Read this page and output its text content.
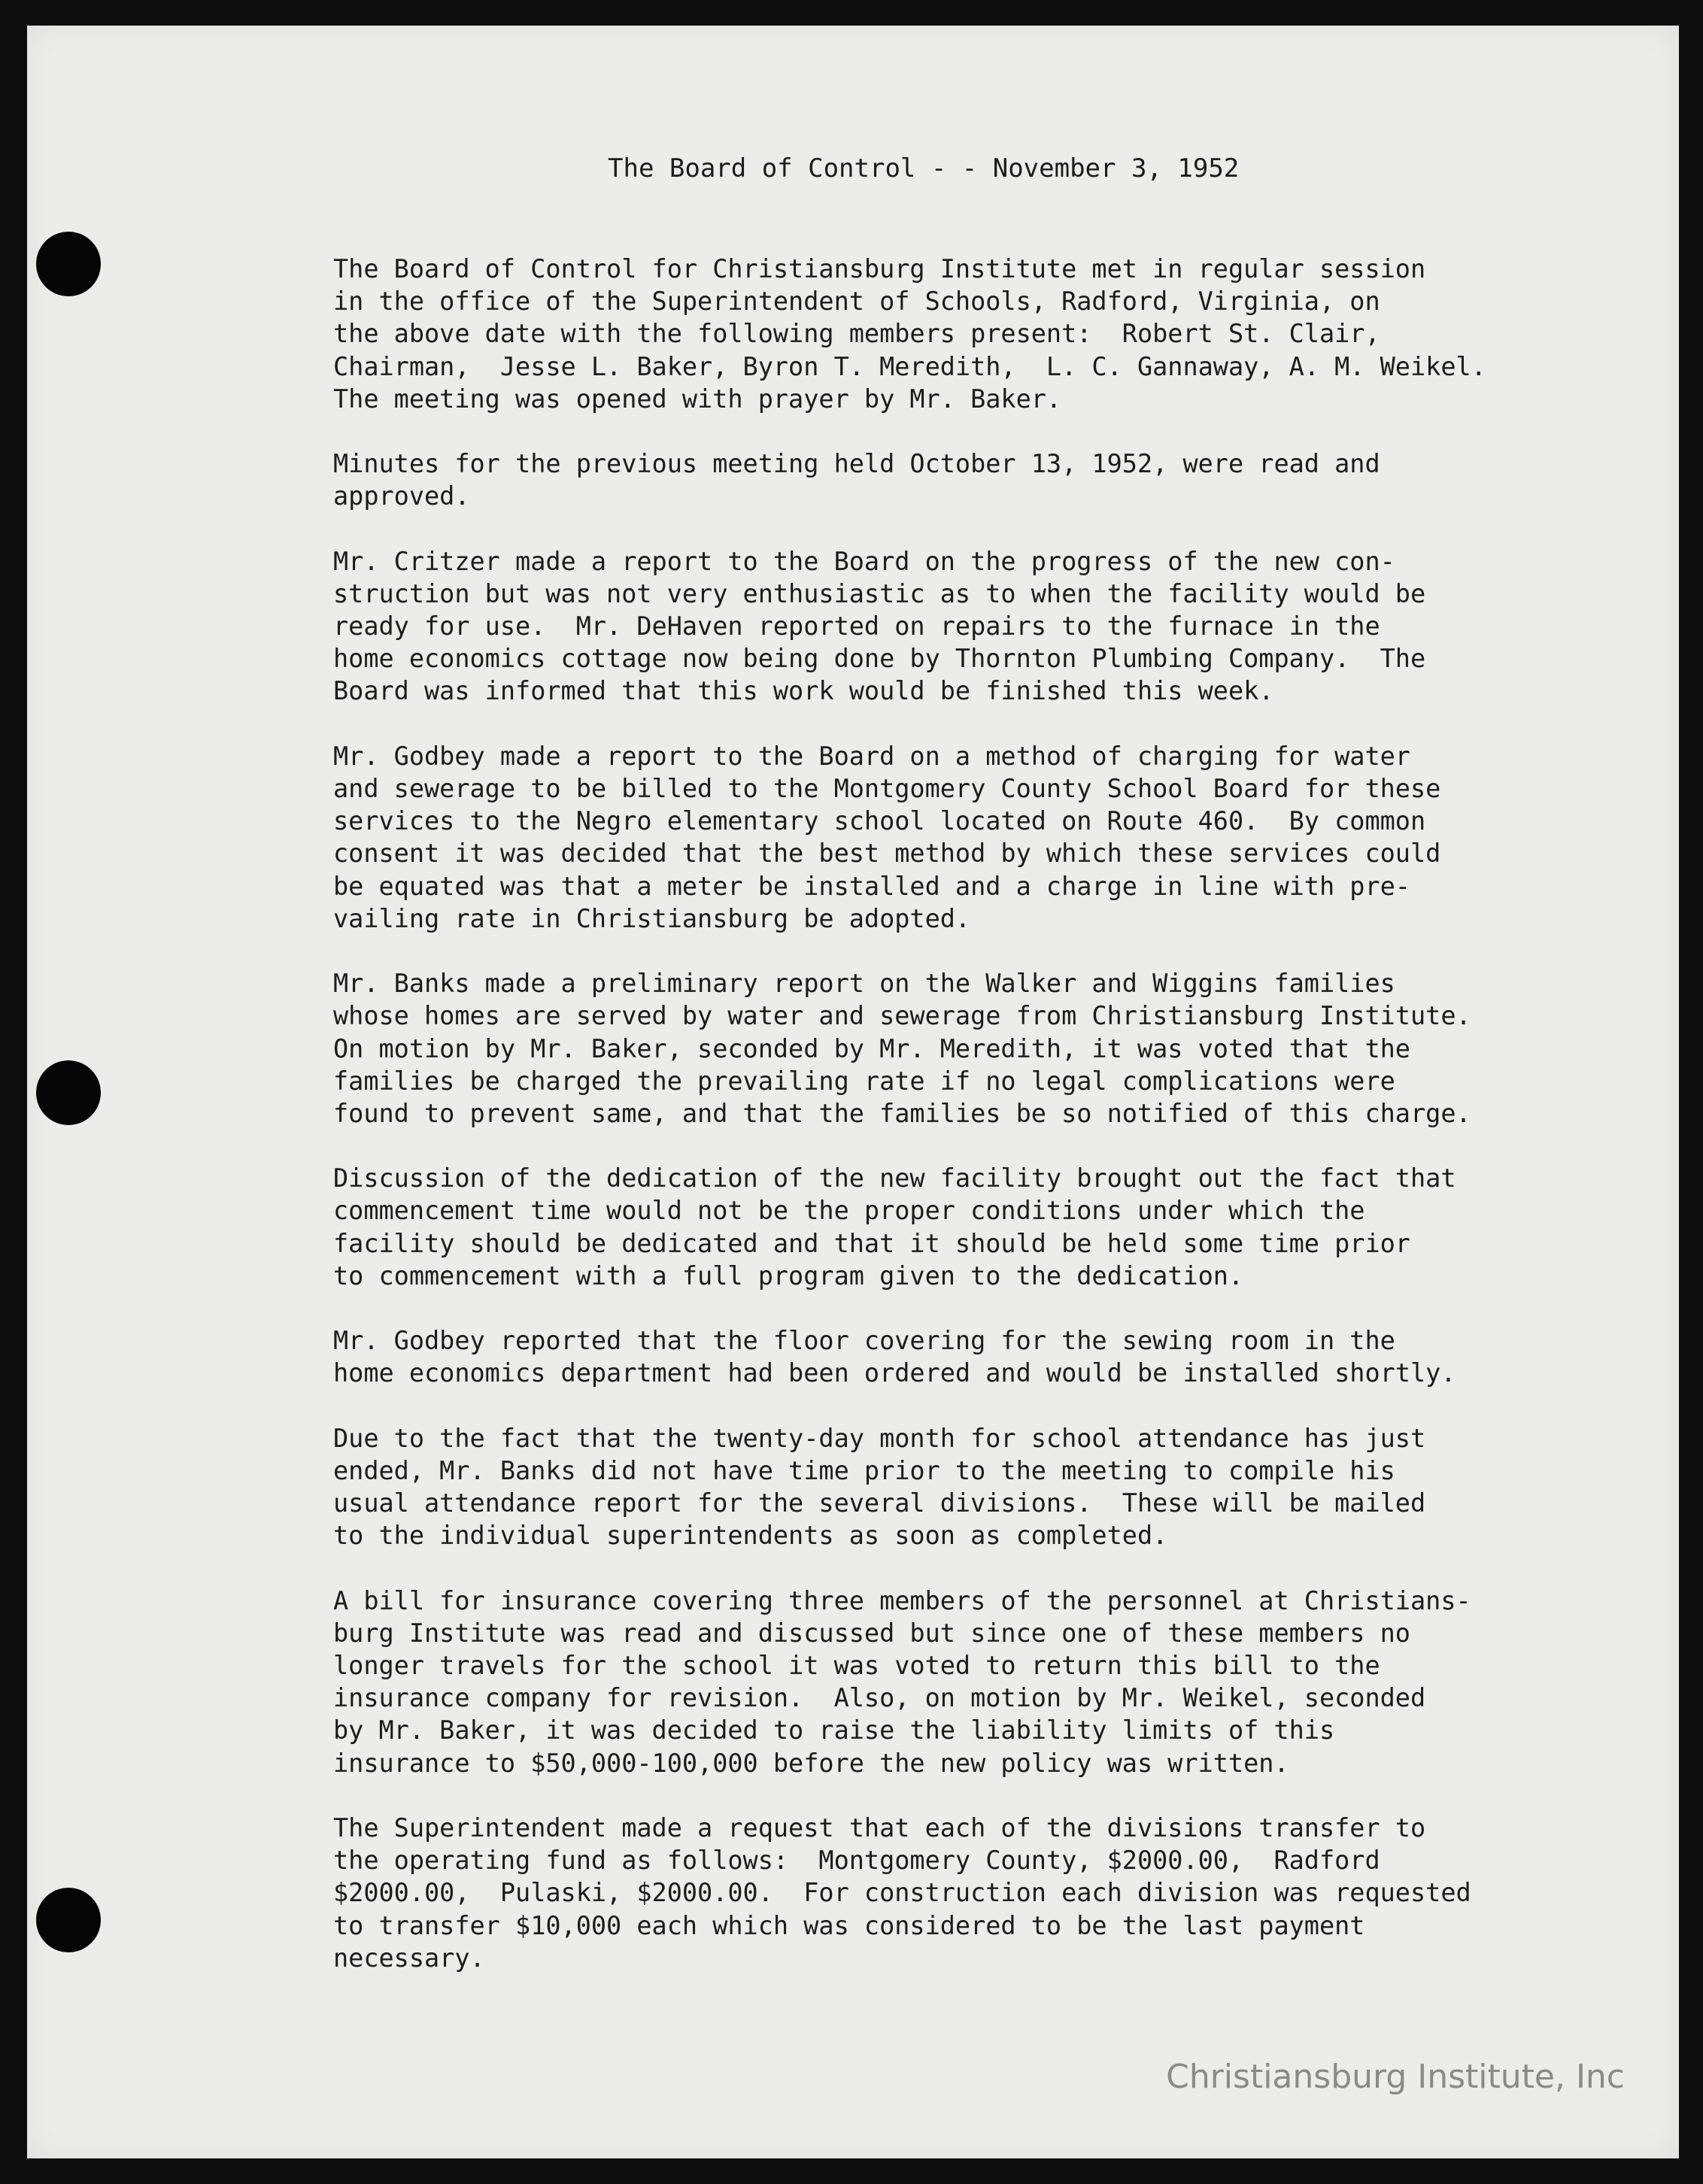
The Board of Control - - November 3, 1952
The Board of Control for Christiansburg Institute met in regular session
in the office of the Superintendent of Schools, Radford, Virginia, on
the above date with the following members present:  Robert St. Clair,
Chairman,  Jesse L. Baker, Byron T. Meredith,  L. C. Gannaway, A. M. Weikel.
The meeting was opened with prayer by Mr. Baker.
Minutes for the previous meeting held October 13, 1952, were read and
approved.
Mr. Critzer made a report to the Board on the progress of the new con-
struction but was not very enthusiastic as to when the facility would be
ready for use.  Mr. DeHaven reported on repairs to the furnace in the
home economics cottage now being done by Thornton Plumbing Company.  The
Board was informed that this work would be finished this week.
Mr. Godbey made a report to the Board on a method of charging for water
and sewerage to be billed to the Montgomery County School Board for these
services to the Negro elementary school located on Route 460.  By common
consent it was decided that the best method by which these services could
be equated was that a meter be installed and a charge in line with pre-
vailing rate in Christiansburg be adopted.
Mr. Banks made a preliminary report on the Walker and Wiggins families
whose homes are served by water and sewerage from Christiansburg Institute.
On motion by Mr. Baker, seconded by Mr. Meredith, it was voted that the
families be charged the prevailing rate if no legal complications were
found to prevent same, and that the families be so notified of this charge.
Discussion of the dedication of the new facility brought out the fact that
commencement time would not be the proper conditions under which the
facility should be dedicated and that it should be held some time prior
to commencement with a full program given to the dedication.
Mr. Godbey reported that the floor covering for the sewing room in the
home economics department had been ordered and would be installed shortly.
Due to the fact that the twenty-day month for school attendance has just
ended, Mr. Banks did not have time prior to the meeting to compile his
usual attendance report for the several divisions.  These will be mailed
to the individual superintendents as soon as completed.
A bill for insurance covering three members of the personnel at Christians-
burg Institute was read and discussed but since one of these members no
longer travels for the school it was voted to return this bill to the
insurance company for revision.  Also, on motion by Mr. Weikel, seconded
by Mr. Baker, it was decided to raise the liability limits of this
insurance to $50,000-100,000 before the new policy was written.
The Superintendent made a request that each of the divisions transfer to
the operating fund as follows:  Montgomery County, $2000.00,  Radford
$2000.00,  Pulaski, $2000.00.  For construction each division was requested
to transfer $10,000 each which was considered to be the last payment
necessary.
Christiansburg Institute, Inc
